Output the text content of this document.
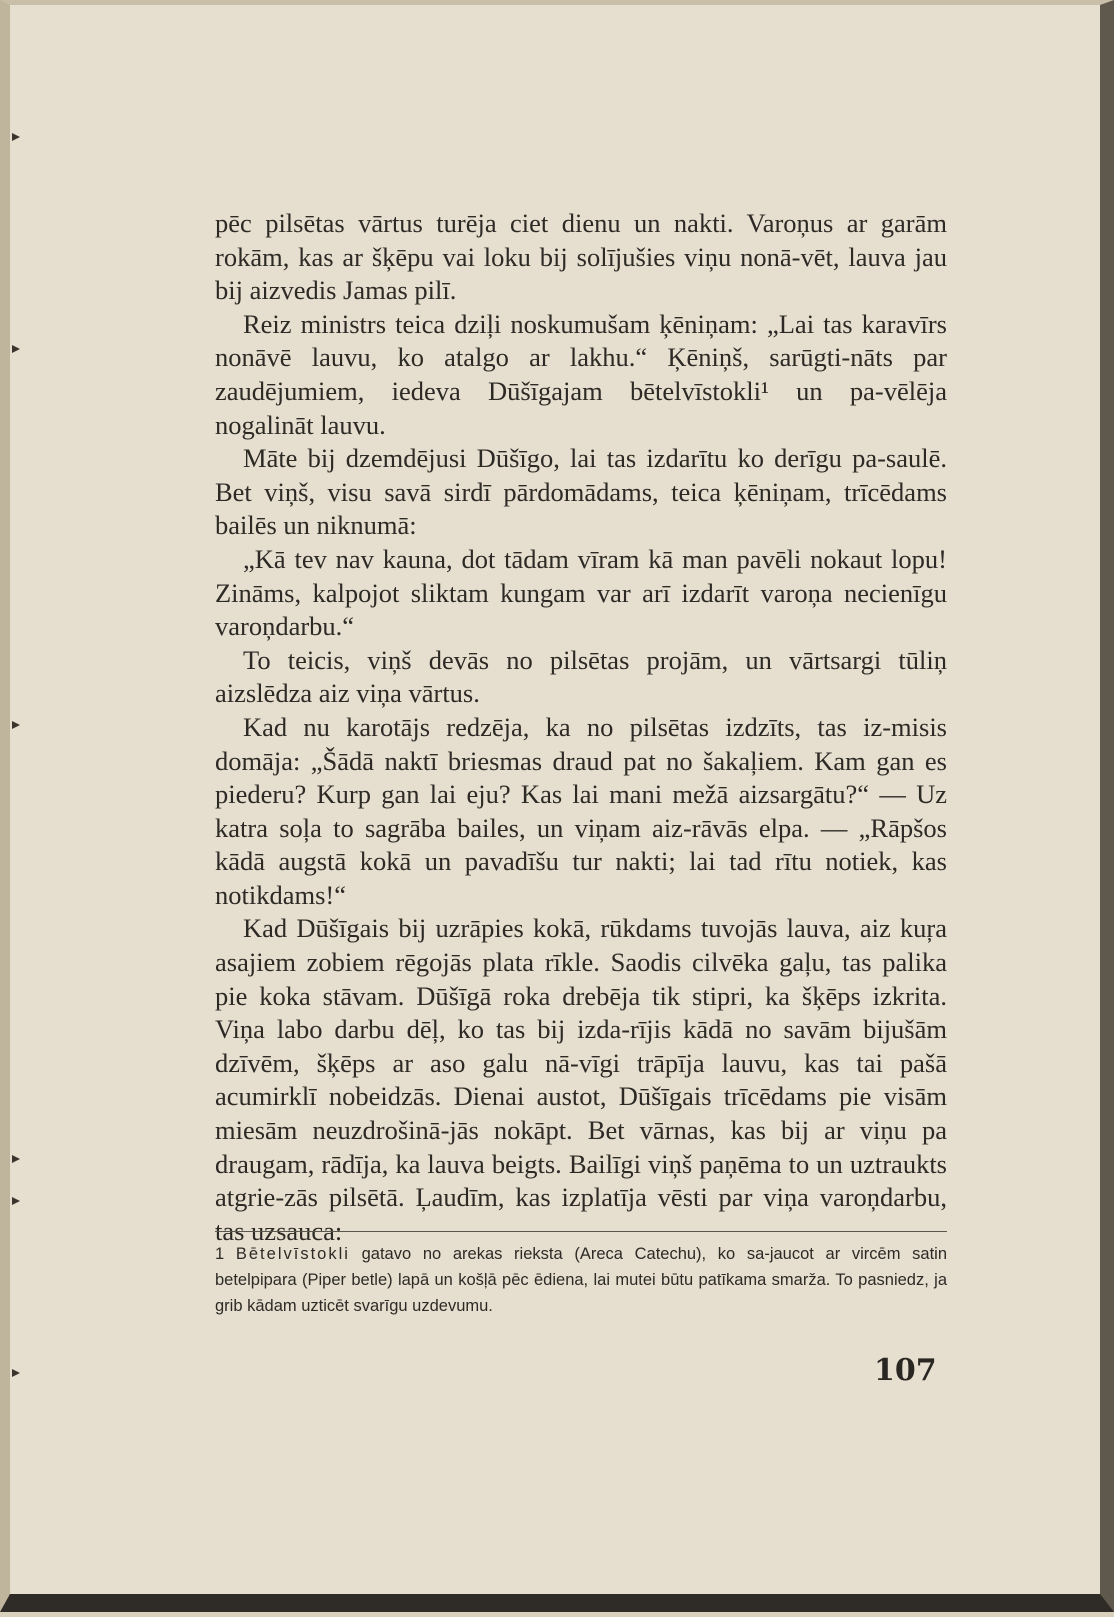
pēc pilsētas vārtus turēja ciet dienu un nakti. Varoņus ar garām rokām, kas ar šķēpu vai loku bij solījušies viņu nonā-vēt, lauva jau bij aizvedis Jamas pilī.

Reiz ministrs teica dziļi noskumušam ķēniņam: „Lai tas karavīrs nonāvē lauvu, ko atalgo ar lakhu.“ Ķēniņš, sarūgti-nāts par zaudējumiem, iedeva Dūšīgajam bētelvīstokli¹ un pa-vēlēja nogalināt lauvu.

Māte bij dzemdējusi Dūšīgo, lai tas izdarītu ko derīgu pa-saulē. Bet viņš, visu savā sirdī pārdomādams, teica ķēniņam, trīcēdams bailēs un niknumā:

„Kā tev nav kauna, dot tādam vīram kā man pavēli nokaut lopu! Zināms, kalpojot sliktam kungam var arī izdarīt varoņa necienīgu varoņdarbu.“

To teicis, viņš devās no pilsētas projām, un vārtsargi tūliņ aizslēdza aiz viņa vārtus.

Kad nu karotājs redzēja, ka no pilsētas izdzīts, tas iz-misis domāja: „Šādā naktī briesmas draud pat no šakaļiem. Kam gan es piederu? Kurp gan lai eju? Kas lai mani mežā aizsargātu?“ — Uz katra soļa to sagrāba bailes, un viņam aiz-rāvās elpa. — „Rāpšos kādā augstā kokā un pavadīšu tur nakti; lai tad rītu notiek, kas notikdams!“

Kad Dūšīgais bij uzrāpies kokā, rūkdams tuvojās lauva, aiz kuŗa asajiem zobiem rēgojās plata rīkle. Saodis cilvēka gaļu, tas palika pie koka stāvam. Dūšīgā roka drebēja tik stipri, ka šķēps izkrita. Viņa labo darbu dēļ, ko tas bij izda-rījis kādā no savām bijušām dzīvēm, šķēps ar aso galu nā-vīgi trāpīja lauvu, kas tai pašā acumirklī nobeidzās. Dienai austot, Dūšīgais trīcēdams pie visām miesām neuzdrošinā-jās nokāpt. Bet vārnas, kas bij ar viņu pa draugam, rādīja, ka lauva beigts. Bailīgi viņš paņēma to un uztraukts atgrie-zās pilsētā. Ļaudīm, kas izplatīja vēsti par viņa varoņdarbu, tas uzsauca:

1 Bētelvīstokli gatavo no arekas rieksta (Areca Catechu), ko sa-jaucot ar vircēm satin betelpipara (Piper betle) lapā un košļā pēc ēdiena, lai mutei būtu patīkama smarža. To pasniedz, ja grib kādam uzticēt svarīgu uzdevumu.
107
